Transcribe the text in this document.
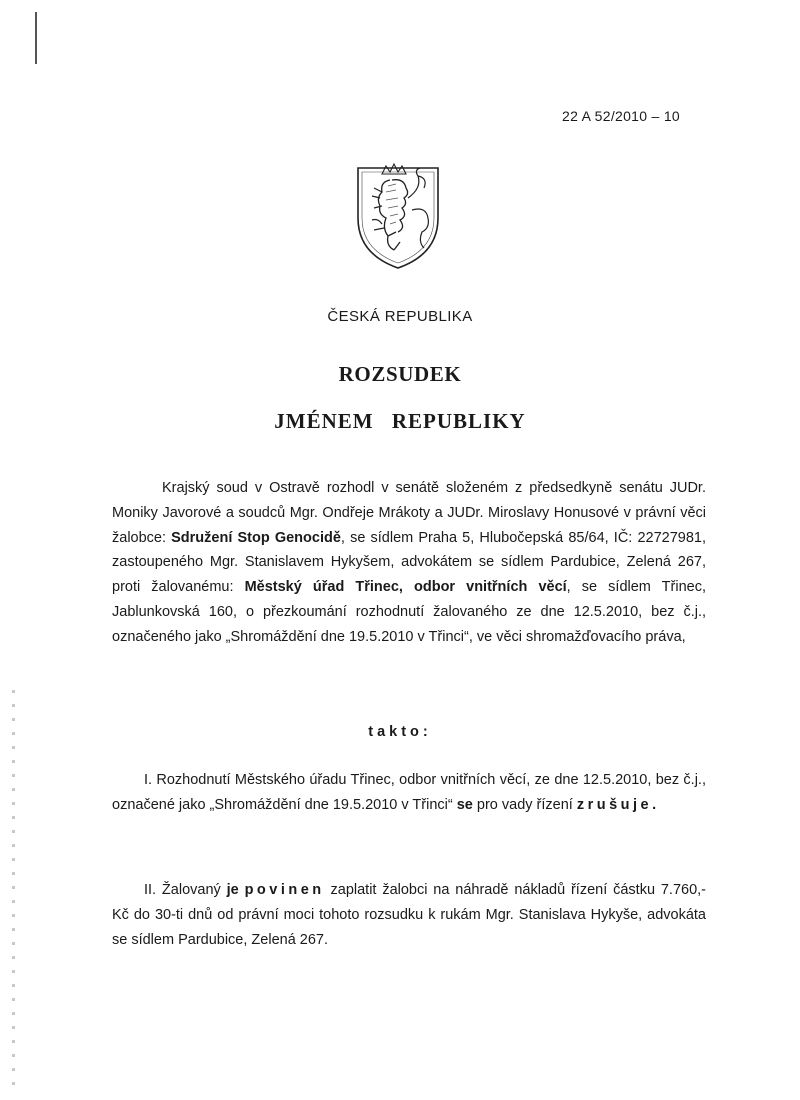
22 A 52/2010 – 10
ČESKÁ REPUBLIKA
ROZSUDEK
JMÉNEM REPUBLIKY
Krajský soud v Ostravě rozhodl v senátě složeném z předsedkyně senátu JUDr. Moniky Javorové a soudců Mgr. Ondřeje Mrákoty a JUDr. Miroslavy Honusové v právní věci žalobce: Sdružení Stop Genocidě, se sídlem Praha 5, Hlubočepská 85/64, IČ: 22727981, zastoupeného Mgr. Stanislavem Hykyšem, advokátem se sídlem Pardubice, Zelená 267, proti žalovanému: Městský úřad Třinec, odbor vnitřních věcí, se sídlem Třinec, Jablunkovská 160, o přezkoumání rozhodnutí žalovaného ze dne 12.5.2010, bez č.j., označeného jako „Shromáždění dne 19.5.2010 v Třinci“, ve věci shromažďovacího práva,
takto:
I. Rozhodnutí Městského úřadu Třinec, odbor vnitřních věcí, ze dne 12.5.2010, bez č.j., označené jako „Shromáždění dne 19.5.2010 v Třinci“ se pro vady řízení zrušuje.
II. Žalovaný je povinen zaplatit žalobci na náhradě nákladů řízení částku 7.760,- Kč do 30-ti dnů od právní moci tohoto rozsudku k rukám Mgr. Stanislava Hykyše, advokáta se sídlem Pardubice, Zelená 267.
